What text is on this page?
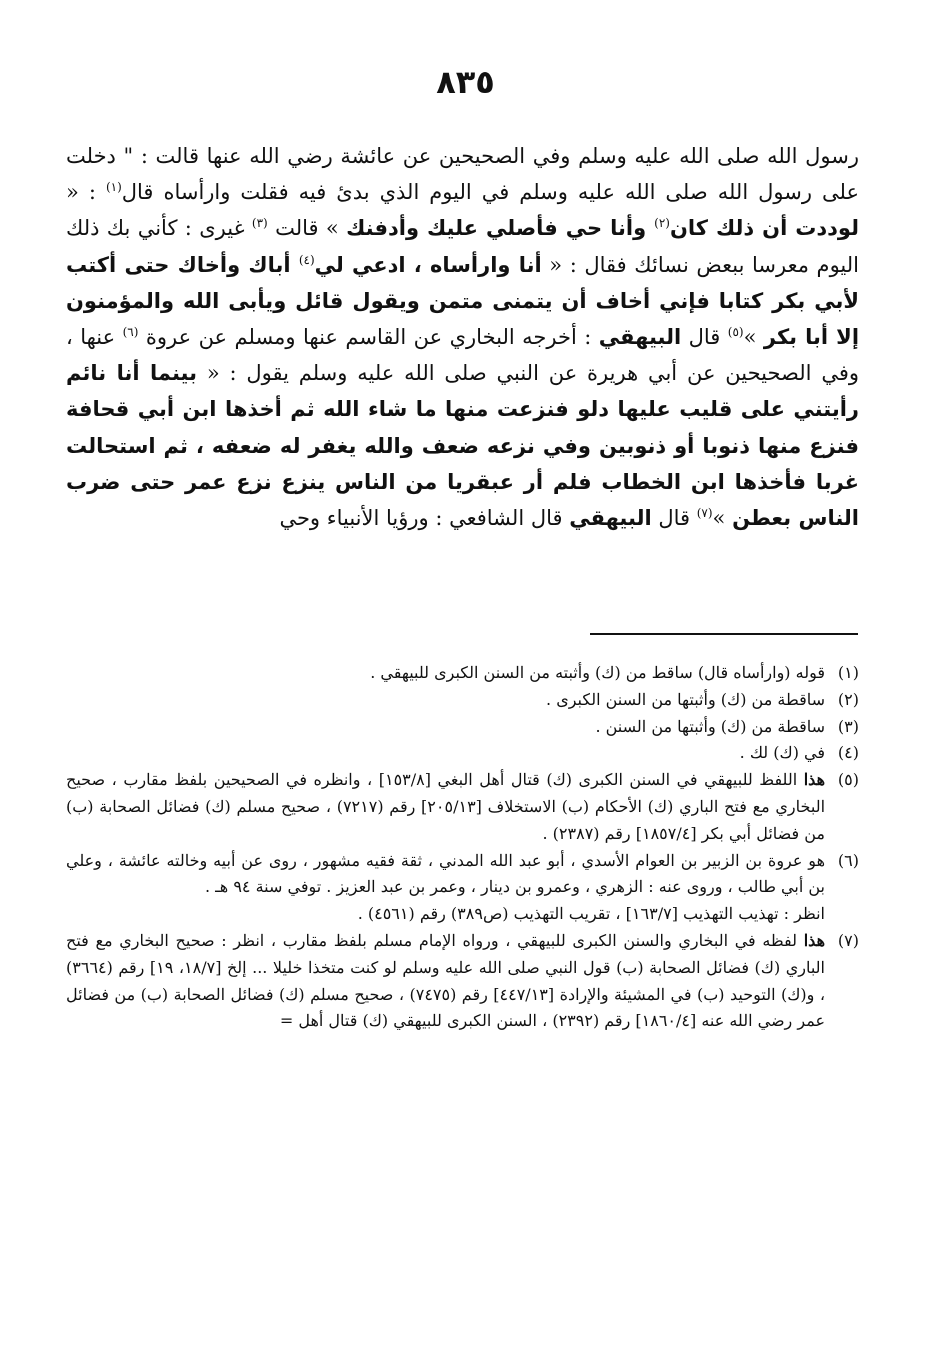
٨٣٥
رسول الله صلى الله عليه وسلم وفي الصحيحين عن عائشة رضي الله عنها قالت : " دخلت على رسول الله صلى الله عليه وسلم في اليوم الذي بدئ فيه فقلت وارأساه قال$^{(١)}$ : « لوددت أن ذلك كان$^{(٢)}$ وأنا حي فأصلي عليك وأدفنك » قالت $^{(٣)}$ غيرى : كأني بك ذلك اليوم معرسا ببعض نسائك فقال : « أنا وارأساه ، ادعي لي$^{(٤)}$ أباك وأخاك حتى أكتب لأبي بكر كتابا فإني أخاف أن يتمنى متمن ويقول قائل ويأبى الله والمؤمنون إلا أبا بكر »$^{(٥)}$ قال البيهقي : أخرجه البخاري عن القاسم عنها ومسلم عن عروة $^{(٦)}$ عنها ، وفي الصحيحين عن أبي هريرة عن النبي صلى الله عليه وسلم يقول : « بينما أنا نائم رأيتني على قليب عليها دلو فنزعت منها ما شاء الله ثم أخذها ابن أبي قحافة فنزع منها ذنوبا أو ذنوبين وفي نزعه ضعف والله يغفر له ضعفه ، ثم استحالت غربا فأخذها ابن الخطاب فلم أر عبقريا من الناس ينزع نزع عمر حتى ضرب الناس بعطن »$^{(٧)}$ قال البيهقي قال الشافعي : ورؤيا الأنبياء وحي
(١)
قوله (وارأساه قال) ساقط من (ك) وأثبته من السنن الكبرى للبيهقي .
(٢)
ساقطة من (ك) وأثبتها من السنن الكبرى .
(٣)
ساقطة من (ك) وأثبتها من السنن .
(٤)
في (ك) لك .
(٥)
هذا اللفظ للبيهقي في السنن الكبرى (ك) قتال أهل البغي [١٥٣/٨] ، وانظره في الصحيحين بلفظ مقارب ، صحيح البخاري مع فتح الباري (ك) الأحكام (ب) الاستخلاف [٢٠٥/١٣] رقم (٧٢١٧) ، صحيح مسلم (ك) فضائل الصحابة (ب) من فضائل أبي بكر [١٨٥٧/٤] رقم (٢٣٨٧) .
(٦)
هو عروة بن الزبير بن العوام الأسدي ، أبو عبد الله المدني ، ثقة فقيه مشهور ، روى عن أبيه وخالته عائشة ، وعلي بن أبي طالب ، وروى عنه : الزهري ، وعمرو بن دينار ، وعمر بن عبد العزيز . توفي سنة ٩٤ هـ .
انظر : تهذيب التهذيب [١٦٣/٧] ، تقريب التهذيب (ص٣٨٩) رقم (٤٥٦١) .
(٧)
هذا لفظه في البخاري والسنن الكبرى للبيهقي ، ورواه الإمام مسلم بلفظ مقارب ، انظر : صحيح البخاري مع فتح الباري (ك) فضائل الصحابة (ب) قول النبي صلى الله عليه وسلم لو كنت متخذا خليلا ... إلخ [١٨/٧، ١٩] رقم (٣٦٦٤) ، و(ك) التوحيد (ب) في المشيئة والإرادة [٤٤٧/١٣] رقم (٧٤٧٥) ، صحيح مسلم (ك) فضائل الصحابة (ب) من فضائل عمر رضي الله عنه [١٨٦٠/٤] رقم (٢٣٩٢) ، السنن الكبرى للبيهقي (ك) قتال أهل =
